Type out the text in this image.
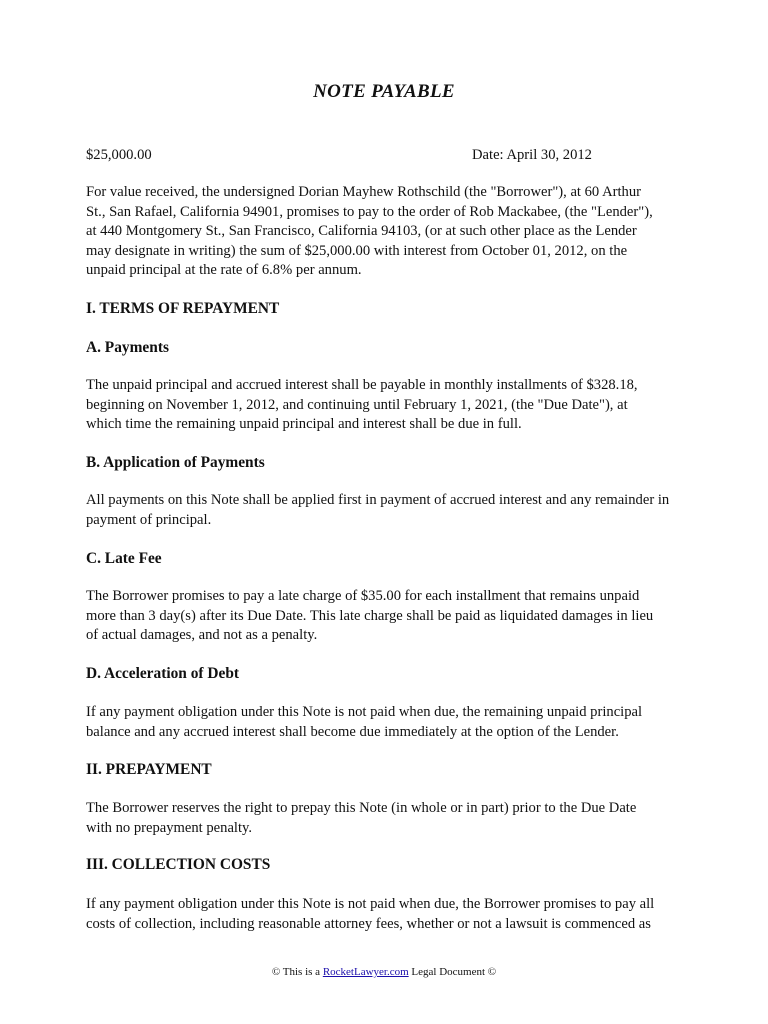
NOTE PAYABLE
$25,000.00	Date: April 30, 2012
For value received, the undersigned Dorian Mayhew Rothschild (the "Borrower"), at 60 Arthur
St., San Rafael, California 94901, promises to pay to the order of Rob Mackabee, (the "Lender"),
at 440 Montgomery St., San Francisco, California 94103, (or at such other place as the Lender
may designate in writing) the sum of $25,000.00 with interest from October 01, 2012, on the
unpaid principal at the rate of 6.8% per annum.
I. TERMS OF REPAYMENT
A. Payments
The unpaid principal and accrued interest shall be payable in monthly installments of $328.18,
beginning on November 1, 2012, and continuing until February 1, 2021, (the "Due Date"), at
which time the remaining unpaid principal and interest shall be due in full.
B. Application of Payments
All payments on this Note shall be applied first in payment of accrued interest and any remainder in
payment of principal.
C. Late Fee
The Borrower promises to pay a late charge of $35.00 for each installment that remains unpaid
more than 3 day(s) after its Due Date. This late charge shall be paid as liquidated damages in lieu
of actual damages, and not as a penalty.
D. Acceleration of Debt
If any payment obligation under this Note is not paid when due, the remaining unpaid principal
balance and any accrued interest shall become due immediately at the option of the Lender.
II. PREPAYMENT
The Borrower reserves the right to prepay this Note (in whole or in part) prior to the Due Date
with no prepayment penalty.
III. COLLECTION COSTS
If any payment obligation under this Note is not paid when due, the Borrower promises to pay all
costs of collection, including reasonable attorney fees, whether or not a lawsuit is commenced as
© This is a RocketLawyer.com Legal Document ©
